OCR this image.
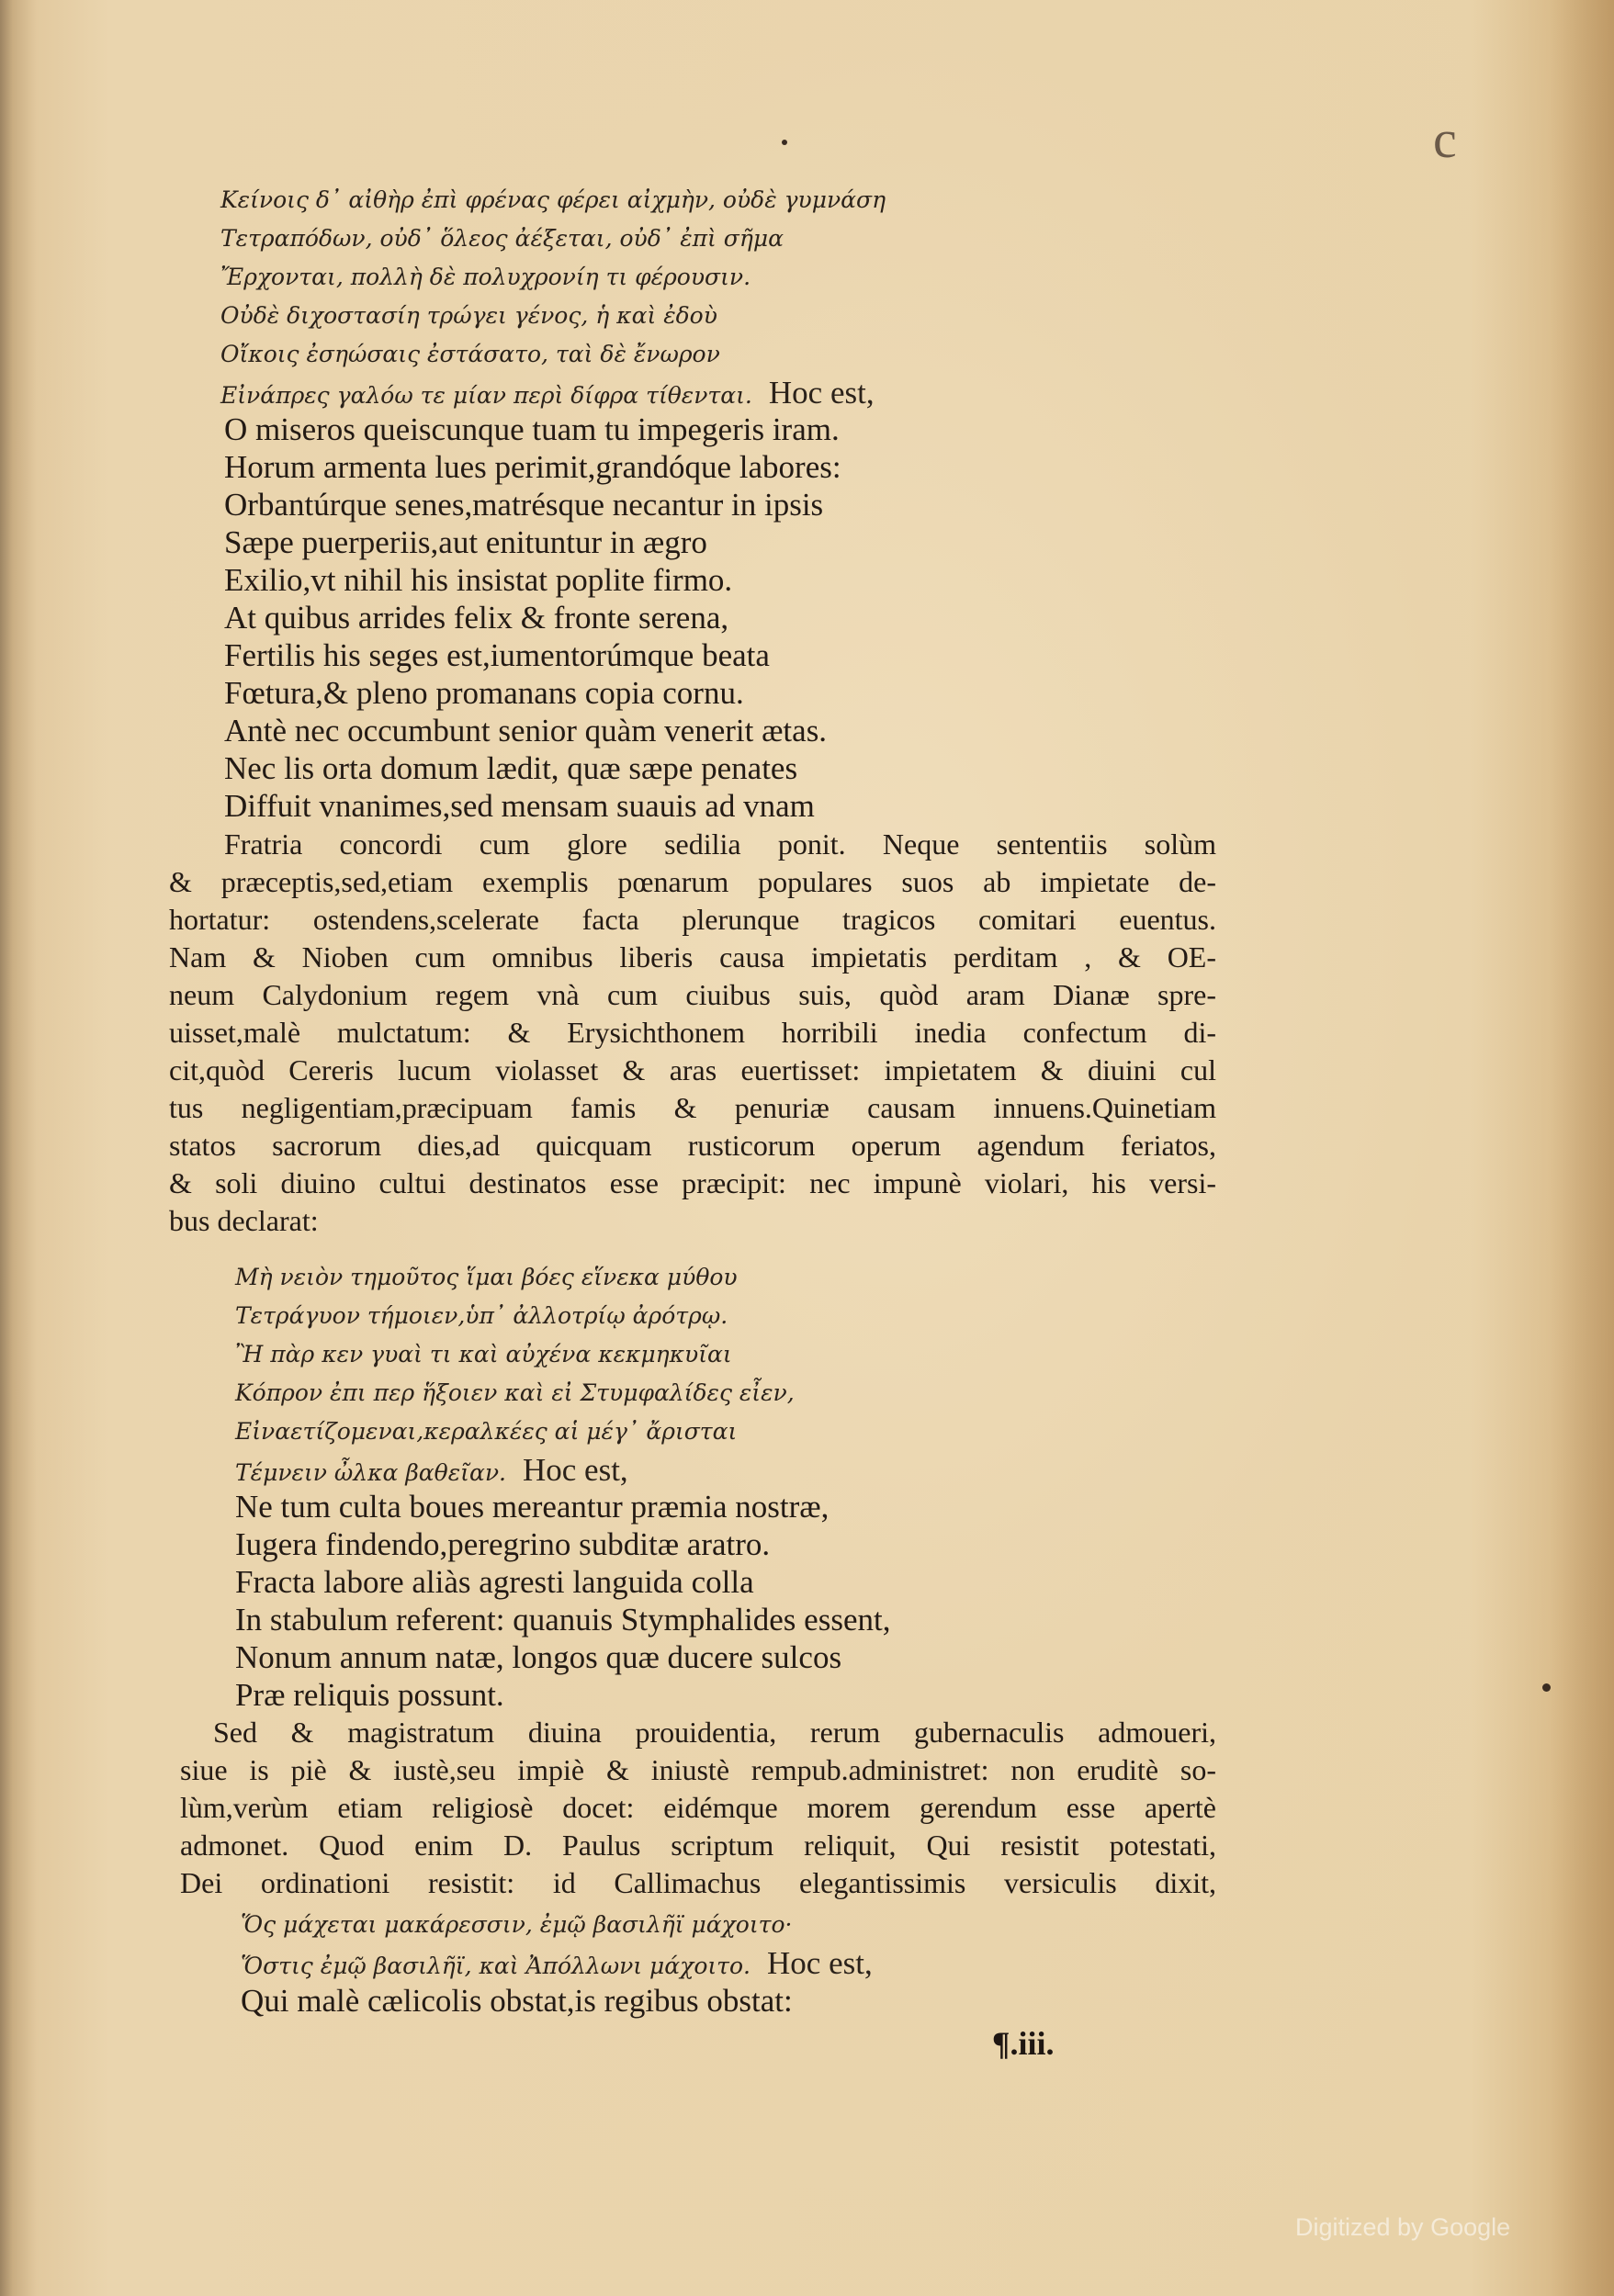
c
Κείνοις δ᾽ αἰθὴρ ἐπὶ φρένας φέρει αἰχμὴν, οὐδὲ γυμνάση
Τετραπόδων, οὐδ᾽ ὅλεος ἀέξεται, οὐδ᾽ ἐπὶ σῆμα
Ἔρχονται, πολλὴ δὲ πολυχρονίη τι φέρουσιν.
Οὐδὲ διχοστασίη τρώγει γένος, ἡ καὶ ἐδοὺ
Οἴκοις ἐσηώσαις ἐστάσατο, ταὶ δὲ ἔνωρον
Εἰνάπρες γαλόω τε μίαν περὶ δίφρα τίθενται. Hoc est,
O miseros queiscunque tuam tu impegeris iram.
Horum armenta lues perimit,grandóque labores:
Orbantúrque senes,matrésque necantur in ipsis
Sæpe puerperiis,aut enituntur in ægro
Exilio,vt nihil his insistat poplite firmo.
At quibus arrides felix & fronte serena,
Fertilis his seges est,iumentorúmque beata
Fœtura,& pleno promanans copia cornu.
Antè nec occumbunt senior quàm venerit ætas.
Nec lis orta domum lædit, quæ sæpe penates
Diffuit vnanimes,sed mensam suauis ad vnam
Fratria concordi cum glore sedilia ponit. Neque sententiis solùm
& præceptis,sed,etiam exemplis pœnarum populares suos ab impietate de-
hortatur: ostendens,scelerate facta plerunque tragicos comitari euentus.
Nam & Nioben cum omnibus liberis causa impietatis perditam , & OE-
neum Calydonium regem vnà cum ciuibus suis, quòd aram Dianæ spre-
uisset,malè mulctatum: & Erysichthonem horribili inedia confectum di-
cit,quòd Cereris lucum violasset & aras euertisset: impietatem & diuini cul
tus negligentiam,præcipuam famis & penuriæ causam innuens.Quinetiam
statos sacrorum dies,ad quicquam rusticorum operum agendum feriatos,
& soli diuino cultui destinatos esse præcipit: nec impunè violari, his versi-
bus declarat:
Μὴ νειὸν τημοῦτος ἵμαι βόες εἵνεκα μύθου
Τετράγυον τήμοιεν,ὑπ᾽ ἀλλοτρίῳ ἀρότρῳ.
Ἢ πὰρ κεν γυαὶ τι καὶ αὐχένα κεκμηκυῖαι
Κόπρον ἐπι περ ἥξοιεν καὶ εἰ Στυμφαλίδες εἶεν,
Εἰναετίζομεναι,κεραλκέες αἱ μέγ᾽ ἄρισται
Τέμνειν ὦλκα βαθεῖαν. Hoc est,
Ne tum culta boues mereantur præmia nostræ,
Iugera findendo,peregrino subditæ aratro.
Fracta labore aliàs agresti languida colla
In stabulum referent: quanuis Stymphalides essent,
Nonum annum natæ, longos quæ ducere sulcos
Præ reliquis possunt.
Sed & magistratum diuina prouidentia, rerum gubernaculis admoueri,
siue is piè & iustè,seu impiè & iniustè rempub.administret: non eruditè so-
lùm,verùm etiam religiosè docet: eidémque morem gerendum esse apertè
admonet. Quod enim D. Paulus scriptum reliquit, Qui resistit potestati,
Dei ordinationi resistit: id Callimachus elegantissimis versiculis dixit,
Ὅς μάχεται μακάρεσσιν, ἐμῷ βασιλῆϊ μάχοιτο·
Ὅστις ἐμῷ βασιλῆϊ, καὶ Ἀπόλλωνι μάχοιτο. Hoc est,
Qui malè cælicolis obstat,is regibus obstat:
¶.iii.
Digitized by Google
